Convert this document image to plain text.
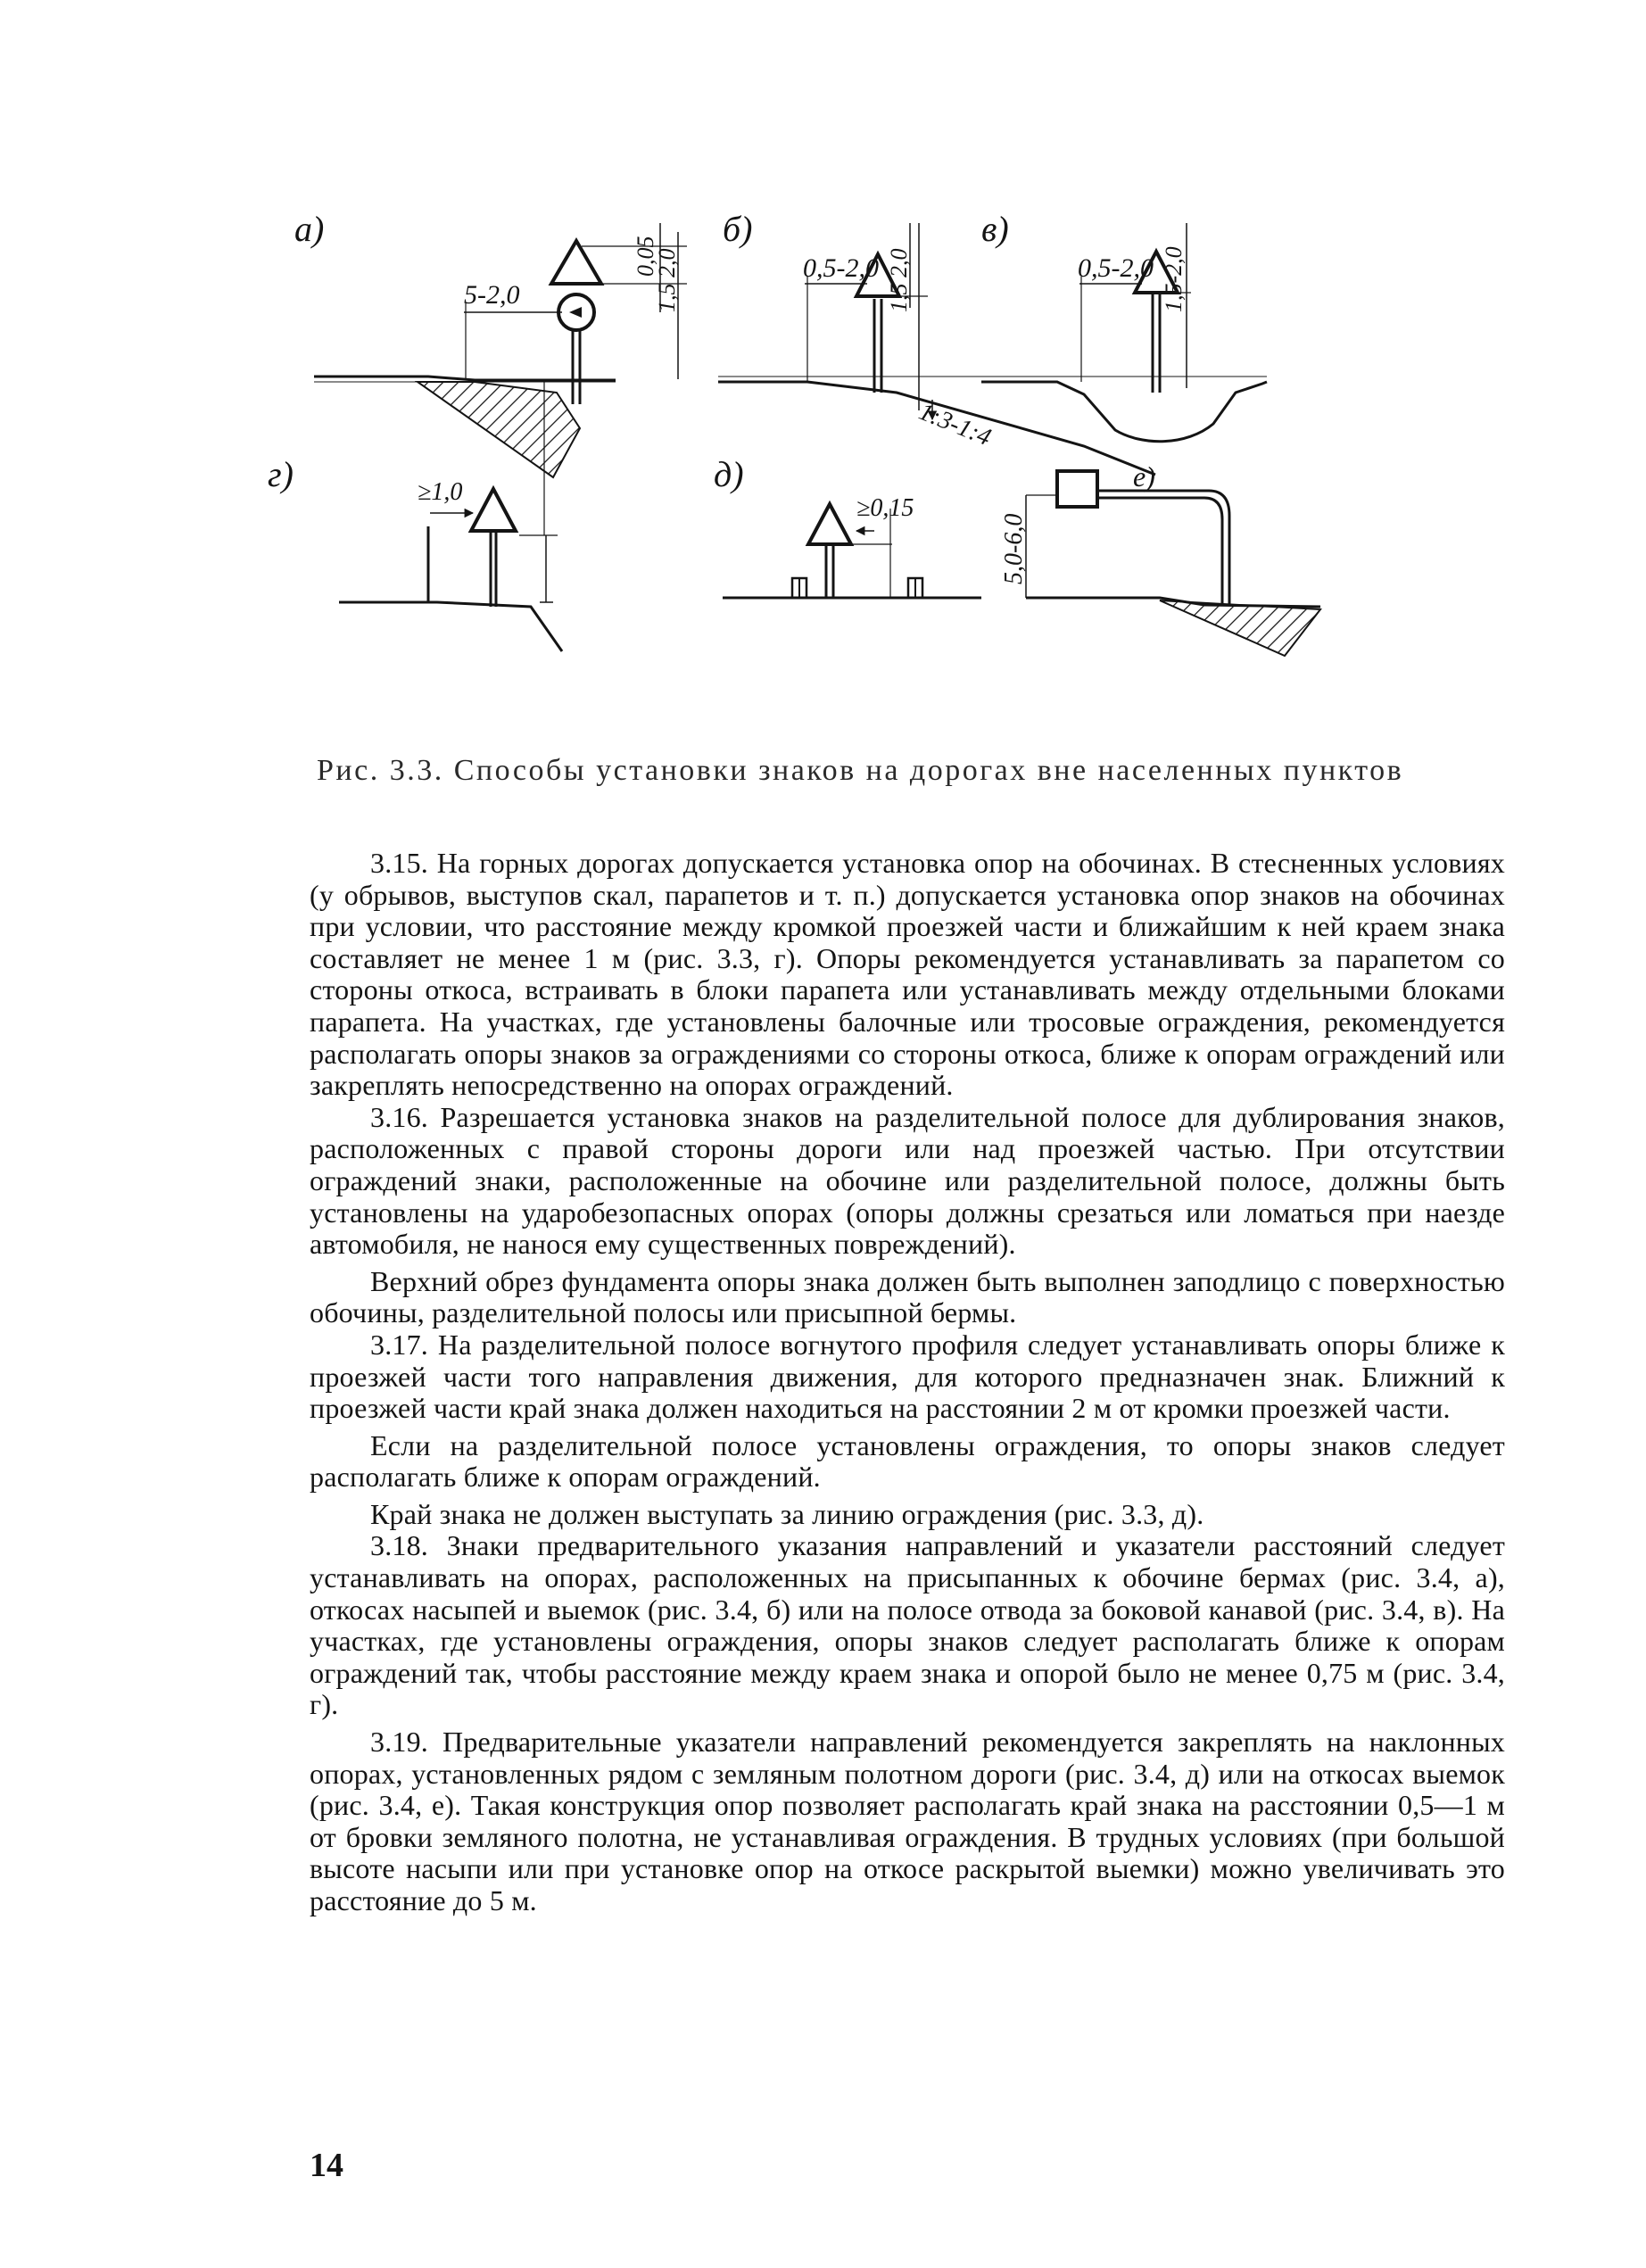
а)
5-2,0
0,05
1,5 2,0
б)
1:3-1:4
0,5-2,0 1,5 2,0
в)
0,5-2,0 1,5-2,0
г)	≥1,0	д)
≥0,15
е)
5,0-6,0
Рис. 3.3. Способы установки знаков на дорогах вне населенных пунктов

3.15. На горных дорогах допускается установка опор на обочинах. В стесненных условиях (у обрывов, выступов скал, парапетов и т. п.) допускается установка опор знаков на обочинах при условии, что расстояние между кромкой проезжей части и ближайшим к ней краем знака составляет не менее 1 м (рис. 3.3, г). Опоры рекомендуется устанавливать за парапетом со стороны откоса, встраивать в блоки парапета или устанавливать между отдельными блоками парапета. На участках, где установлены балочные или тросовые ограждения, рекомендуется располагать опоры знаков за ограждениями со стороны откоса, ближе к опорам ограждений или закреплять непосредственно на опорах ограждений.

3.16. Разрешается установка знаков на разделительной полосе для дублирования знаков, расположенных с правой стороны дороги или над проезжей частью. При отсутствии ограждений знаки, расположенные на обочине или разделительной полосе, должны быть установлены на ударобезопасных опорах (опоры должны срезаться или ломаться при наезде автомобиля, не нанося ему существенных повреждений).

Верхний обрез фундамента опоры знака должен быть выполнен заподлицо с поверхностью обочины, разделительной полосы или присыпной бермы.

3.17. На разделительной полосе вогнутого профиля следует устанавливать опоры ближе к проезжей части того направления движения, для которого предназначен знак. Ближний к проезжей части край знака должен находиться на расстоянии 2 м от кромки проезжей части.

Если на разделительной полосе установлены ограждения, то опоры знаков следует располагать ближе к опорам ограждений.

Край знака не должен выступать за линию ограждения (рис. 3.3, д).

3.18. Знаки предварительного указания направлений и указатели расстояний следует устанавливать на опорах, расположенных на присыпанных к обочине бермах (рис. 3.4, а), откосах насыпей и выемок (рис. 3.4, б) или на полосе отвода за боковой канавой (рис. 3.4, в). На участках, где установлены ограждения, опоры знаков следует располагать ближе к опорам ограждений так, чтобы расстояние между краем знака и опорой было не менее 0,75 м (рис. 3.4, г).

3.19. Предварительные указатели направлений рекомендуется закреплять на наклонных опорах, установленных рядом с земляным полотном дороги (рис. 3.4, д) или на откосах выемок (рис. 3.4, е). Такая конструкция опор позволяет располагать край знака на расстоянии 0,5—1 м от бровки земляного полотна, не устанавливая ограждения. В трудных условиях (при большой высоте насыпи или при установке опор на откосе раскрытой выемки) можно увеличивать это расстояние до 5 м.

14
